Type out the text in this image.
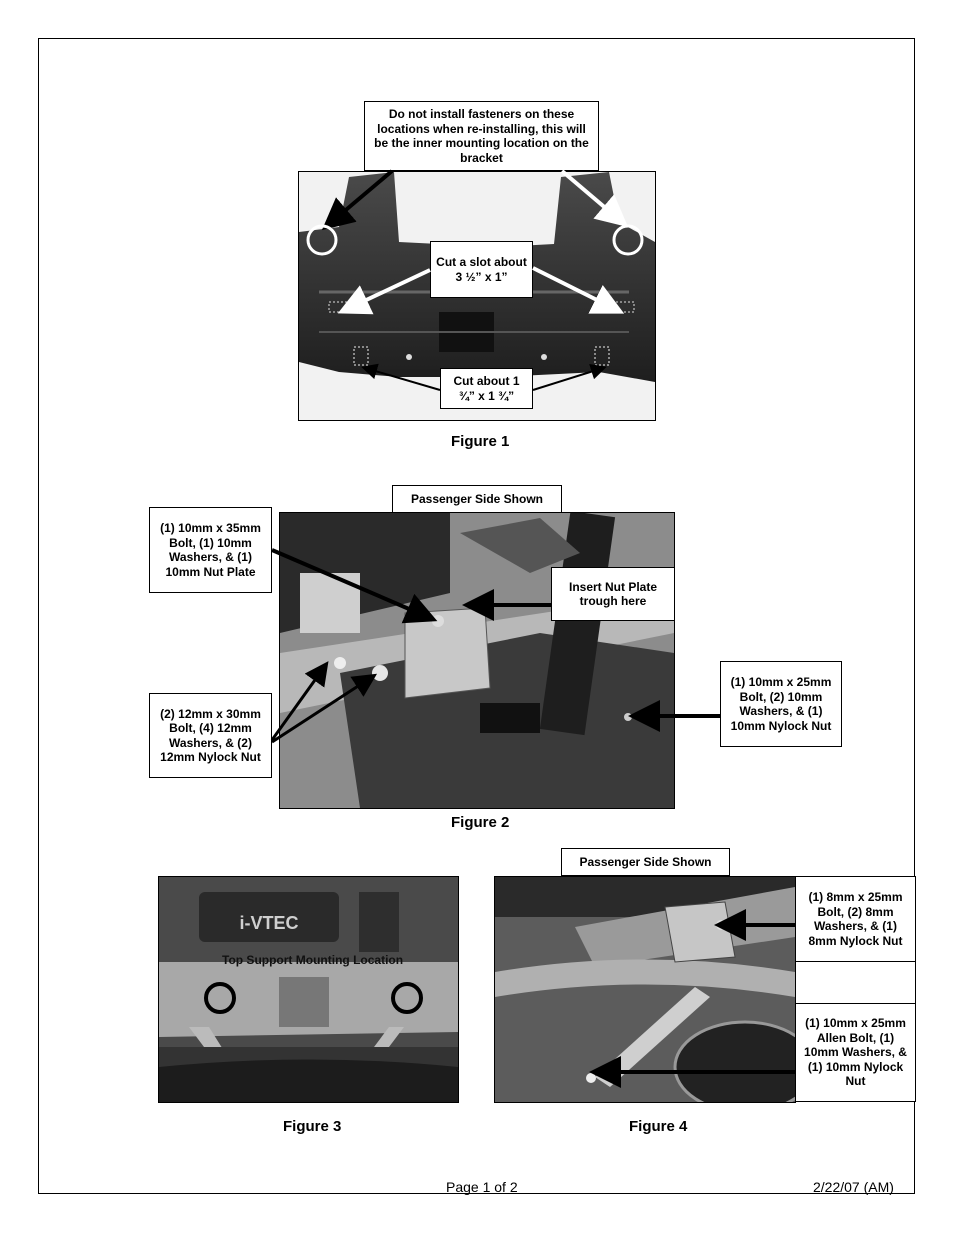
Do not install fasteners on these locations when re-installing, this will be the inner mounting location on the bracket
Cut a slot about 3 ½” x 1”
Cut about 1 ¾” x 1 ¾”
Figure 1
Passenger Side Shown
(1) 10mm x 35mm Bolt, (1) 10mm Washers, & (1) 10mm Nut Plate
Insert Nut Plate trough here
(1) 10mm x 25mm Bolt, (2) 10mm Washers, & (1) 10mm Nylock Nut
(2) 12mm x 30mm Bolt, (4) 12mm Washers, & (2) 12mm Nylock Nut
Figure 2
i-VTEC
Top Support Mounting Location
Figure 3
Passenger Side Shown
(1) 8mm x 25mm Bolt, (2) 8mm Washers, & (1) 8mm Nylock Nut
(1) 10mm x 25mm Allen Bolt, (1) 10mm Washers, & (1) 10mm Nylock Nut
Figure 4
Page 1 of 2	2/22/07 (AM)
